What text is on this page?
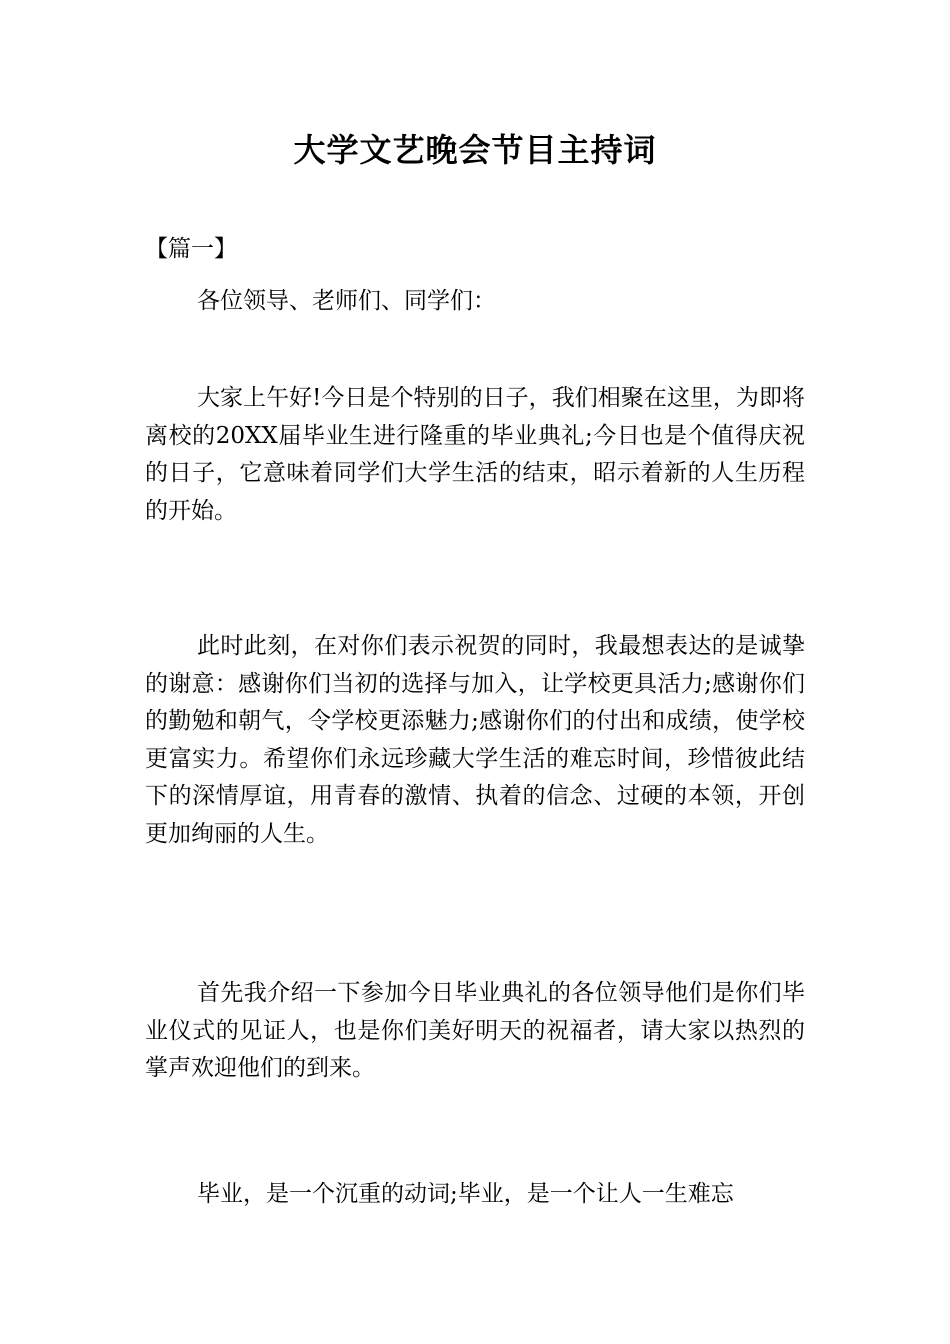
大学文艺晚会节目主持词
【篇一】

各位领导、老师们、同学们：

大家上午好!今日是个特别的日子，我们相聚在这里，为即将离校的20XX届毕业生进行隆重的毕业典礼;今日也是个值得庆祝的日子，它意味着同学们大学生活的结束，昭示着新的人生历程的开始。

此时此刻，在对你们表示祝贺的同时，我最想表达的是诚挚的谢意：感谢你们当初的选择与加入，让学校更具活力;感谢你们的勤勉和朝气，令学校更添魅力;感谢你们的付出和成绩，使学校更富实力。希望你们永远珍藏大学生活的难忘时间，珍惜彼此结下的深情厚谊，用青春的激情、执着的信念、过硬的本领，开创更加绚丽的人生。

首先我介绍一下参加今日毕业典礼的各位领导他们是你们毕业仪式的见证人，也是你们美好明天的祝福者，请大家以热烈的掌声欢迎他们的到来。

毕业，是一个沉重的动词;毕业，是一个让人一生难忘
